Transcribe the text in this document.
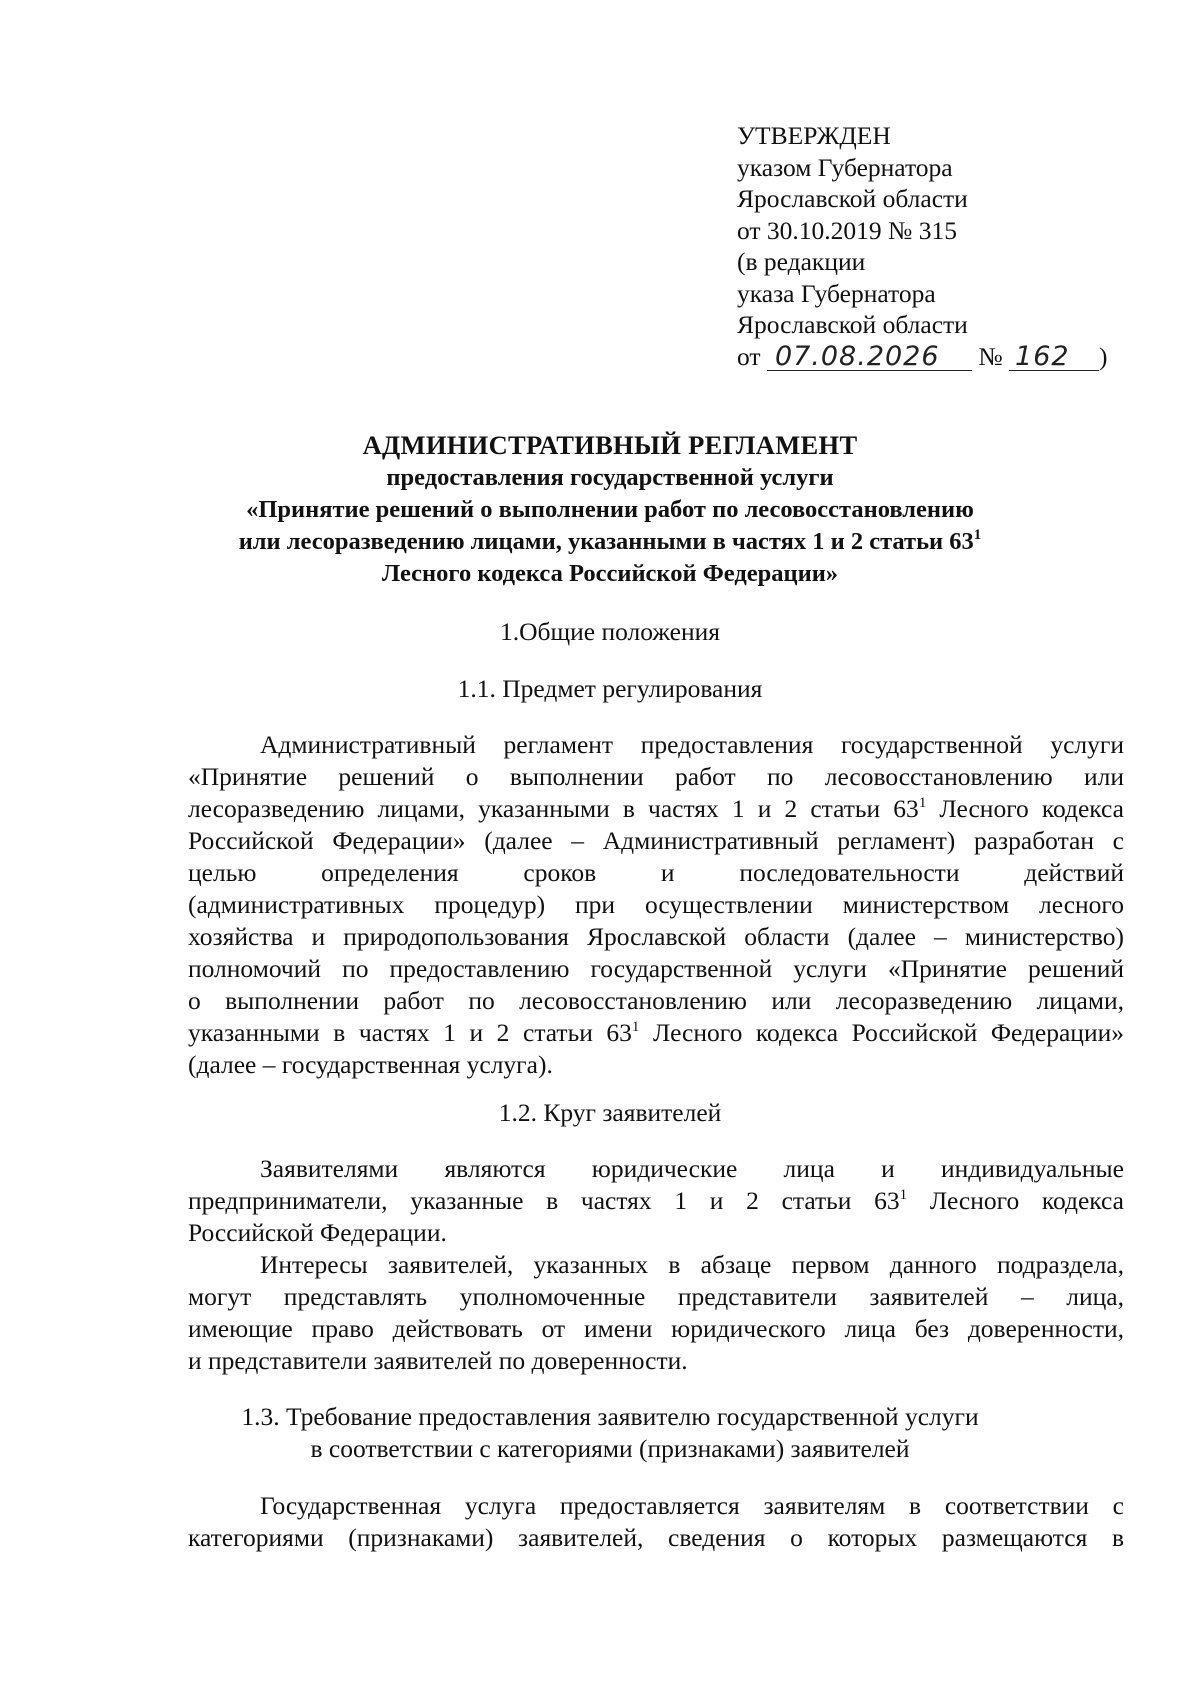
УТВЕРЖДЕН
указом Губернатора
Ярославской области
от 30.10.2019 № 315
(в редакции
указа Губернатора
Ярославской области
от 07.08.2026 № 162 )
АДМИНИСТРАТИВНЫЙ РЕГЛАМЕНТ
предоставления государственной услуги
«Принятие решений о выполнении работ по лесовосстановлению
или лесоразведению лицами, указанными в частях 1 и 2 статьи $63^1$
Лесного кодекса Российской Федерации»
1.Общие положения
1.1. Предмет регулирования
Административный регламент предоставления государственной услуги
«Принятие решений о выполнении работ по лесовосстановлению или
лесоразведению лицами, указанными в частях 1 и 2 статьи $63^1$ Лесного кодекса
Российской Федерации» (далее – Административный регламент) разработан с
целью определения сроков и последовательности действий
(административных процедур) при осуществлении министерством лесного
хозяйства и природопользования Ярославской области (далее – министерство)
полномочий по предоставлению государственной услуги «Принятие решений
о выполнении работ по лесовосстановлению или лесоразведению лицами,
указанными в частях 1 и 2 статьи $63^1$ Лесного кодекса Российской Федерации»
(далее – государственная услуга).
1.2. Круг заявителей
Заявителями являются юридические лица и индивидуальные
предприниматели, указанные в частях 1 и 2 статьи $63^1$ Лесного кодекса
Российской Федерации.
Интересы заявителей, указанных в абзаце первом данного подраздела,
могут представлять уполномоченные представители заявителей – лица,
имеющие право действовать от имени юридического лица без доверенности,
и представители заявителей по доверенности.
1.3. Требование предоставления заявителю государственной услуги
в соответствии с категориями (признаками) заявителей
Государственная услуга предоставляется заявителям в соответствии с
категориями (признаками) заявителей, сведения о которых размещаются в
